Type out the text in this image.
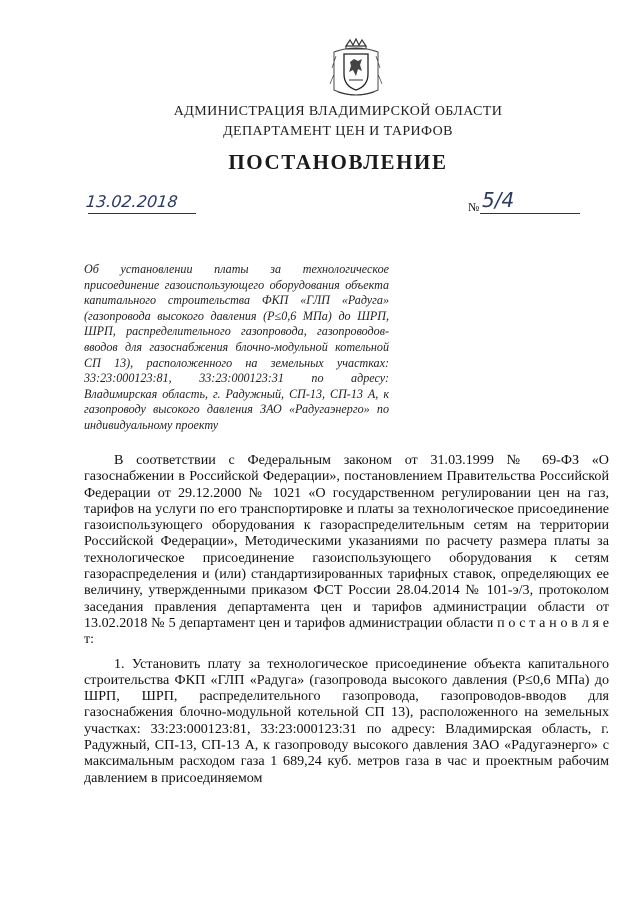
АДМИНИСТРАЦИЯ ВЛАДИМИРСКОЙ ОБЛАСТИ
ДЕПАРТАМЕНТ ЦЕН И ТАРИФОВ
ПОСТАНОВЛЕНИЕ
13.02.2018	№ 5/4
Об установлении платы за технологическое присоединение газоиспользующего оборудования объекта капитального строительства ФКП «ГЛП «Радуга» (газопровода высокого давления (Р≤0,6 МПа) до ШРП, ШРП, распределительного газопровода, газопроводов-вводов для газоснабжения блочно-модульной котельной СП 13), расположенного на земельных участках: 33:23:000123:81, 33:23:000123:31 по адресу: Владимирская область, г. Радужный, СП-13, СП-13 А, к газопроводу высокого давления ЗАО «Радугаэнерго» по индивидуальному проекту

В соответствии с Федеральным законом от 31.03.1999 № 69-ФЗ «О газоснабжении в Российской Федерации», постановлением Правительства Российской Федерации от 29.12.2000 № 1021 «О государственном регулировании цен на газ, тарифов на услуги по его транспортировке и платы за технологическое присоединение газоиспользующего оборудования к газораспределительным сетям на территории Российской Федерации», Методическими указаниями по расчету размера платы за технологическое присоединение газоиспользующего оборудования к сетям газораспределения и (или) стандартизированных тарифных ставок, определяющих ее величину, утвержденными приказом ФСТ России 28.04.2014 № 101-э/3, протоколом заседания правления департамента цен и тарифов администрации области от 13.02.2018 № 5 департамент цен и тарифов администрации области п о с т а н о в л я е т:

1. Установить плату за технологическое присоединение объекта капитального строительства ФКП «ГЛП «Радуга» (газопровода высокого давления (Р≤0,6 МПа) до ШРП, ШРП, распределительного газопровода, газопроводов-вводов для газоснабжения блочно-модульной котельной СП 13), расположенного на земельных участках: 33:23:000123:81, 33:23:000123:31 по адресу: Владимирская область, г. Радужный, СП-13, СП-13 А, к газопроводу высокого давления ЗАО «Радугаэнерго» с максимальным расходом газа 1 689,24 куб. метров газа в час и проектным рабочим давлением в присоединяемом
